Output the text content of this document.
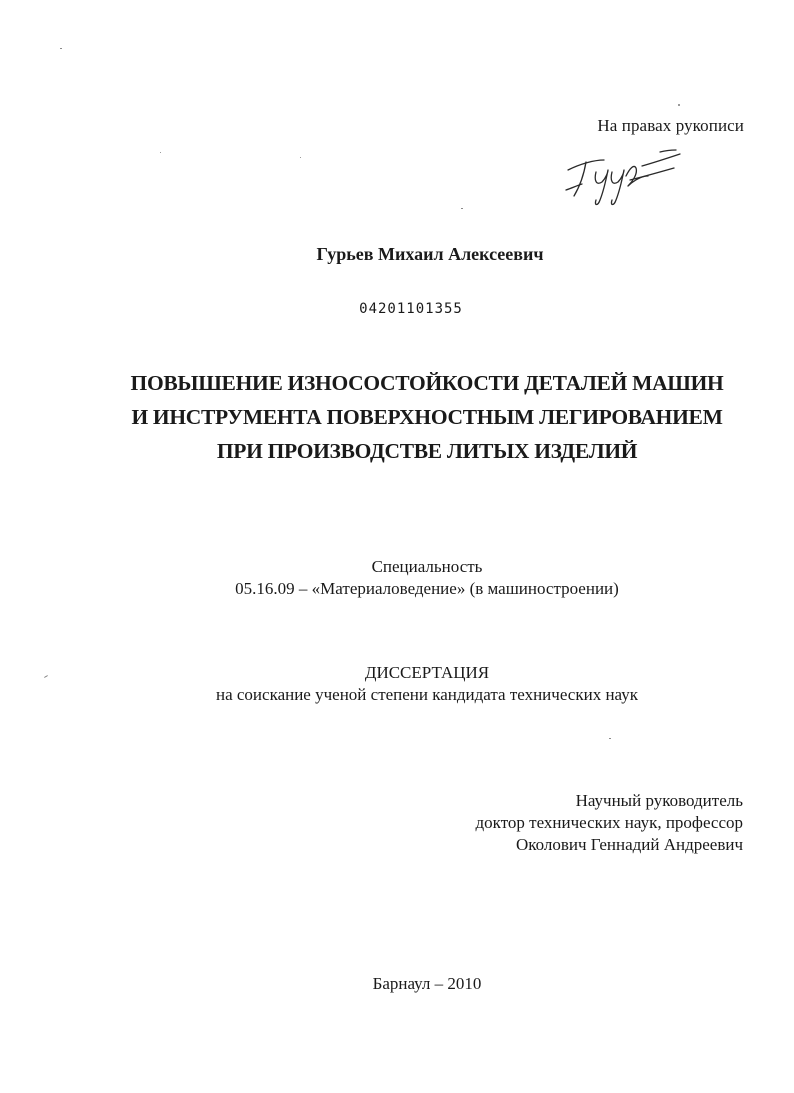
На правах рукописи
Гурьев Михаил Алексеевич
04201101355
ПОВЫШЕНИЕ ИЗНОСОСТОЙКОСТИ ДЕТАЛЕЙ МАШИН
И ИНСТРУМЕНТА ПОВЕРХНОСТНЫМ ЛЕГИРОВАНИЕМ
ПРИ ПРОИЗВОДСТВЕ ЛИТЫХ ИЗДЕЛИЙ
Специальность
05.16.09 – «Материаловедение» (в машиностроении)
ДИССЕРТАЦИЯ
на соискание ученой степени кандидата технических наук
Научный руководитель
доктор технических наук, профессор
Околович Геннадий Андреевич
Барнаул – 2010
